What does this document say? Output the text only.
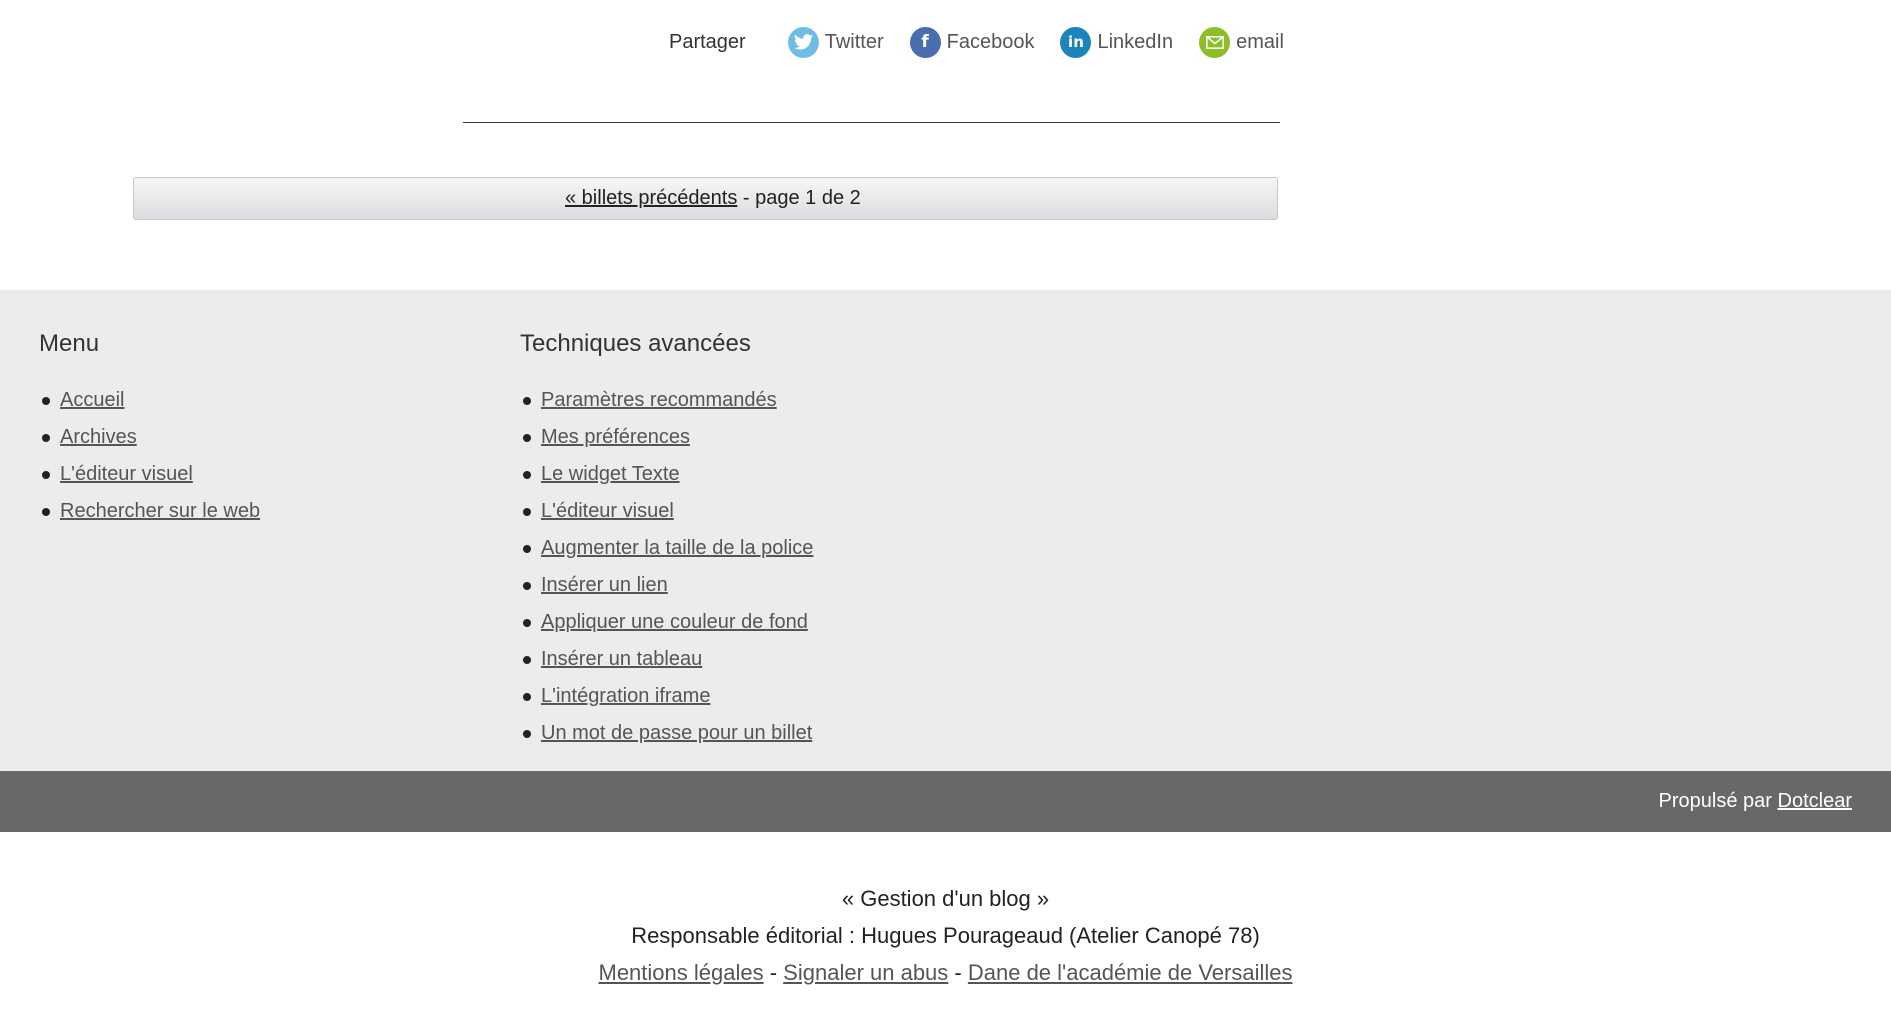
Partager	Twitter	f Facebook	in LinkedIn	email
« billets précédents - page 1 de 2
Menu
Accueil
Archives
L'éditeur visuel
Rechercher sur le web
Techniques avancées
Paramètres recommandés
Mes préférences
Le widget Texte
L'éditeur visuel
Augmenter la taille de la police
Insérer un lien
Appliquer une couleur de fond
Insérer un tableau
L'intégration iframe
Un mot de passe pour un billet
Propulsé par Dotclear
« Gestion d'un blog »
Responsable éditorial : Hugues Pourageaud (Atelier Canopé 78)
Mentions légales - Signaler un abus - Dane de l'académie de Versailles
